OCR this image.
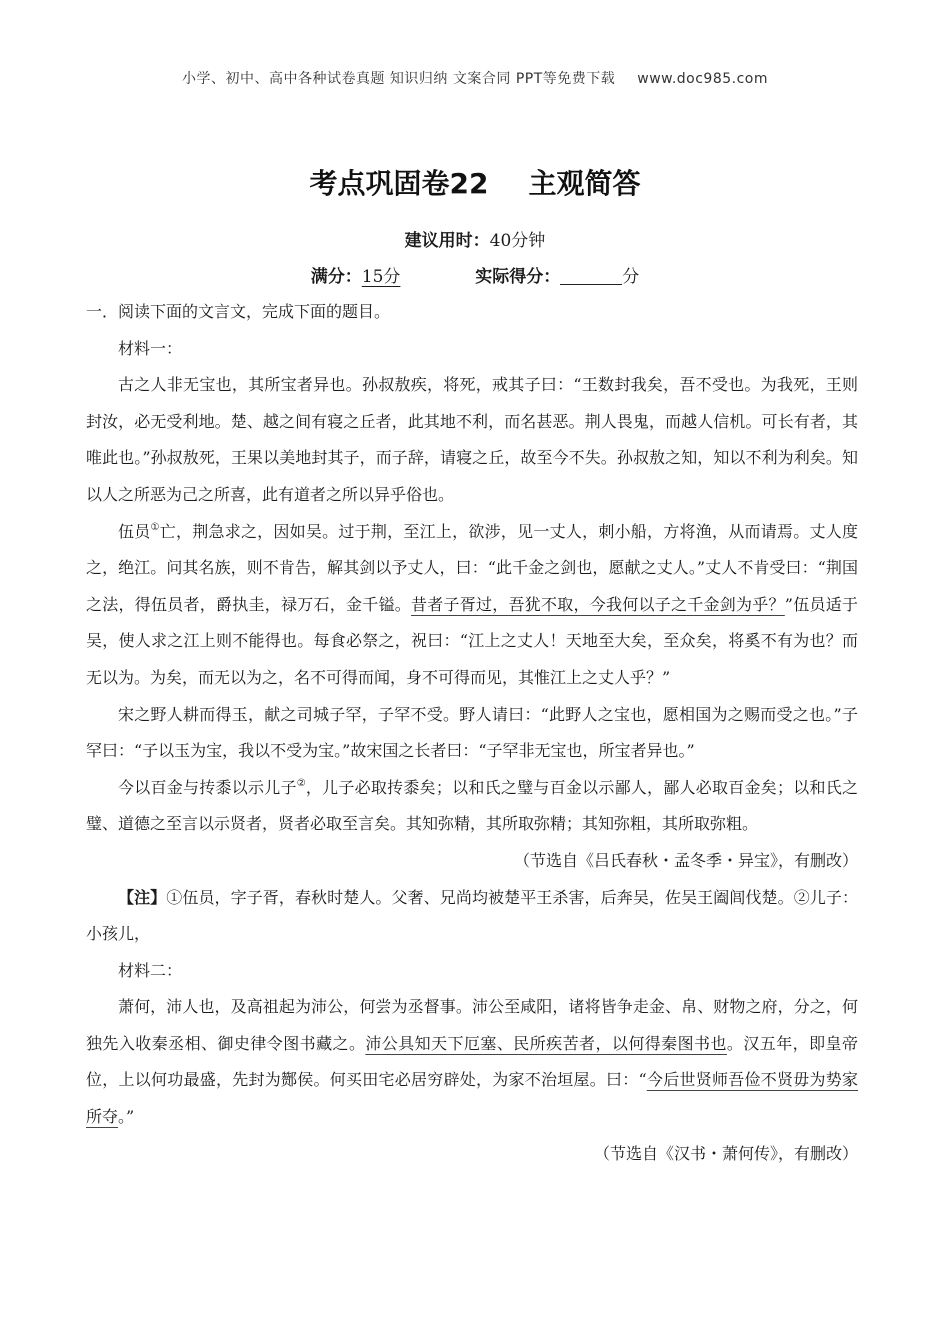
小学、初中、高中各种试卷真题 知识归纳 文案合同 PPT等免费下载 www.doc985.com
考点巩固卷22 主观简答
建议用时：40分钟
满分：15分	实际得分：	分

一．阅读下面的文言文，完成下面的题目。

材料一：

古之人非无宝也，其所宝者异也。孙叔敖疾，将死，戒其子曰：“王数封我矣，吾不受也。为我死，王则封汝，必无受利地。楚、越之间有寝之丘者，此其地不利，而名甚恶。荆人畏鬼，而越人信机。可长有者，其唯此也。”孙叔敖死，王果以美地封其子，而子辞，请寝之丘，故至今不失。孙叔敖之知，知以不利为利矣。知以人之所恶为己之所喜，此有道者之所以异乎俗也。

伍员①亡，荆急求之，因如吴。过于荆，至江上，欲涉，见一丈人，刺小船，方将渔，从而请焉。丈人度之，绝江。问其名族，则不肯告，解其剑以予丈人，曰：“此千金之剑也，愿献之丈人。”丈人不肯受曰：“荆国之法，得伍员者，爵执圭，禄万石，金千镒。昔者子胥过，吾犹不取，今我何以子之千金剑为乎？”伍员适于吴，使人求之江上则不能得也。每食必祭之，祝曰：“江上之丈人！天地至大矣，至众矣，将奚不有为也？而无以为。为矣，而无以为之，名不可得而闻，身不可得而见，其惟江上之丈人乎？”

宋之野人耕而得玉，献之司城子罕，子罕不受。野人请曰：“此野人之宝也，愿相国为之赐而受之也。”子罕曰：“子以玉为宝，我以不受为宝。”故宋国之长者曰：“子罕非无宝也，所宝者异也。”

今以百金与抟黍以示儿子②，儿子必取抟黍矣；以和氏之璧与百金以示鄙人，鄙人必取百金矣；以和氏之璧、道德之至言以示贤者，贤者必取至言矣。其知弥精，其所取弥精；其知弥粗，其所取弥粗。

（节选自《吕氏春秋・孟冬季・异宝》，有删改）

【注】①伍员，字子胥，春秋时楚人。父奢、兄尚均被楚平王杀害，后奔吴，佐吴王阖闾伐楚。②儿子：小孩儿，

材料二：

萧何，沛人也，及高祖起为沛公，何尝为丞督事。沛公至咸阳，诸将皆争走金、帛、财物之府，分之，何独先入收秦丞相、御史律令图书藏之。沛公具知天下厄塞、民所疾苦者，以何得秦图书也。汉五年，即皇帝位，上以何功最盛，先封为酂侯。何买田宅必居穷辟处，为家不治垣屋。曰：“今后世贤师吾俭不贤毋为势家所夺。”

（节选自《汉书・萧何传》，有删改）
